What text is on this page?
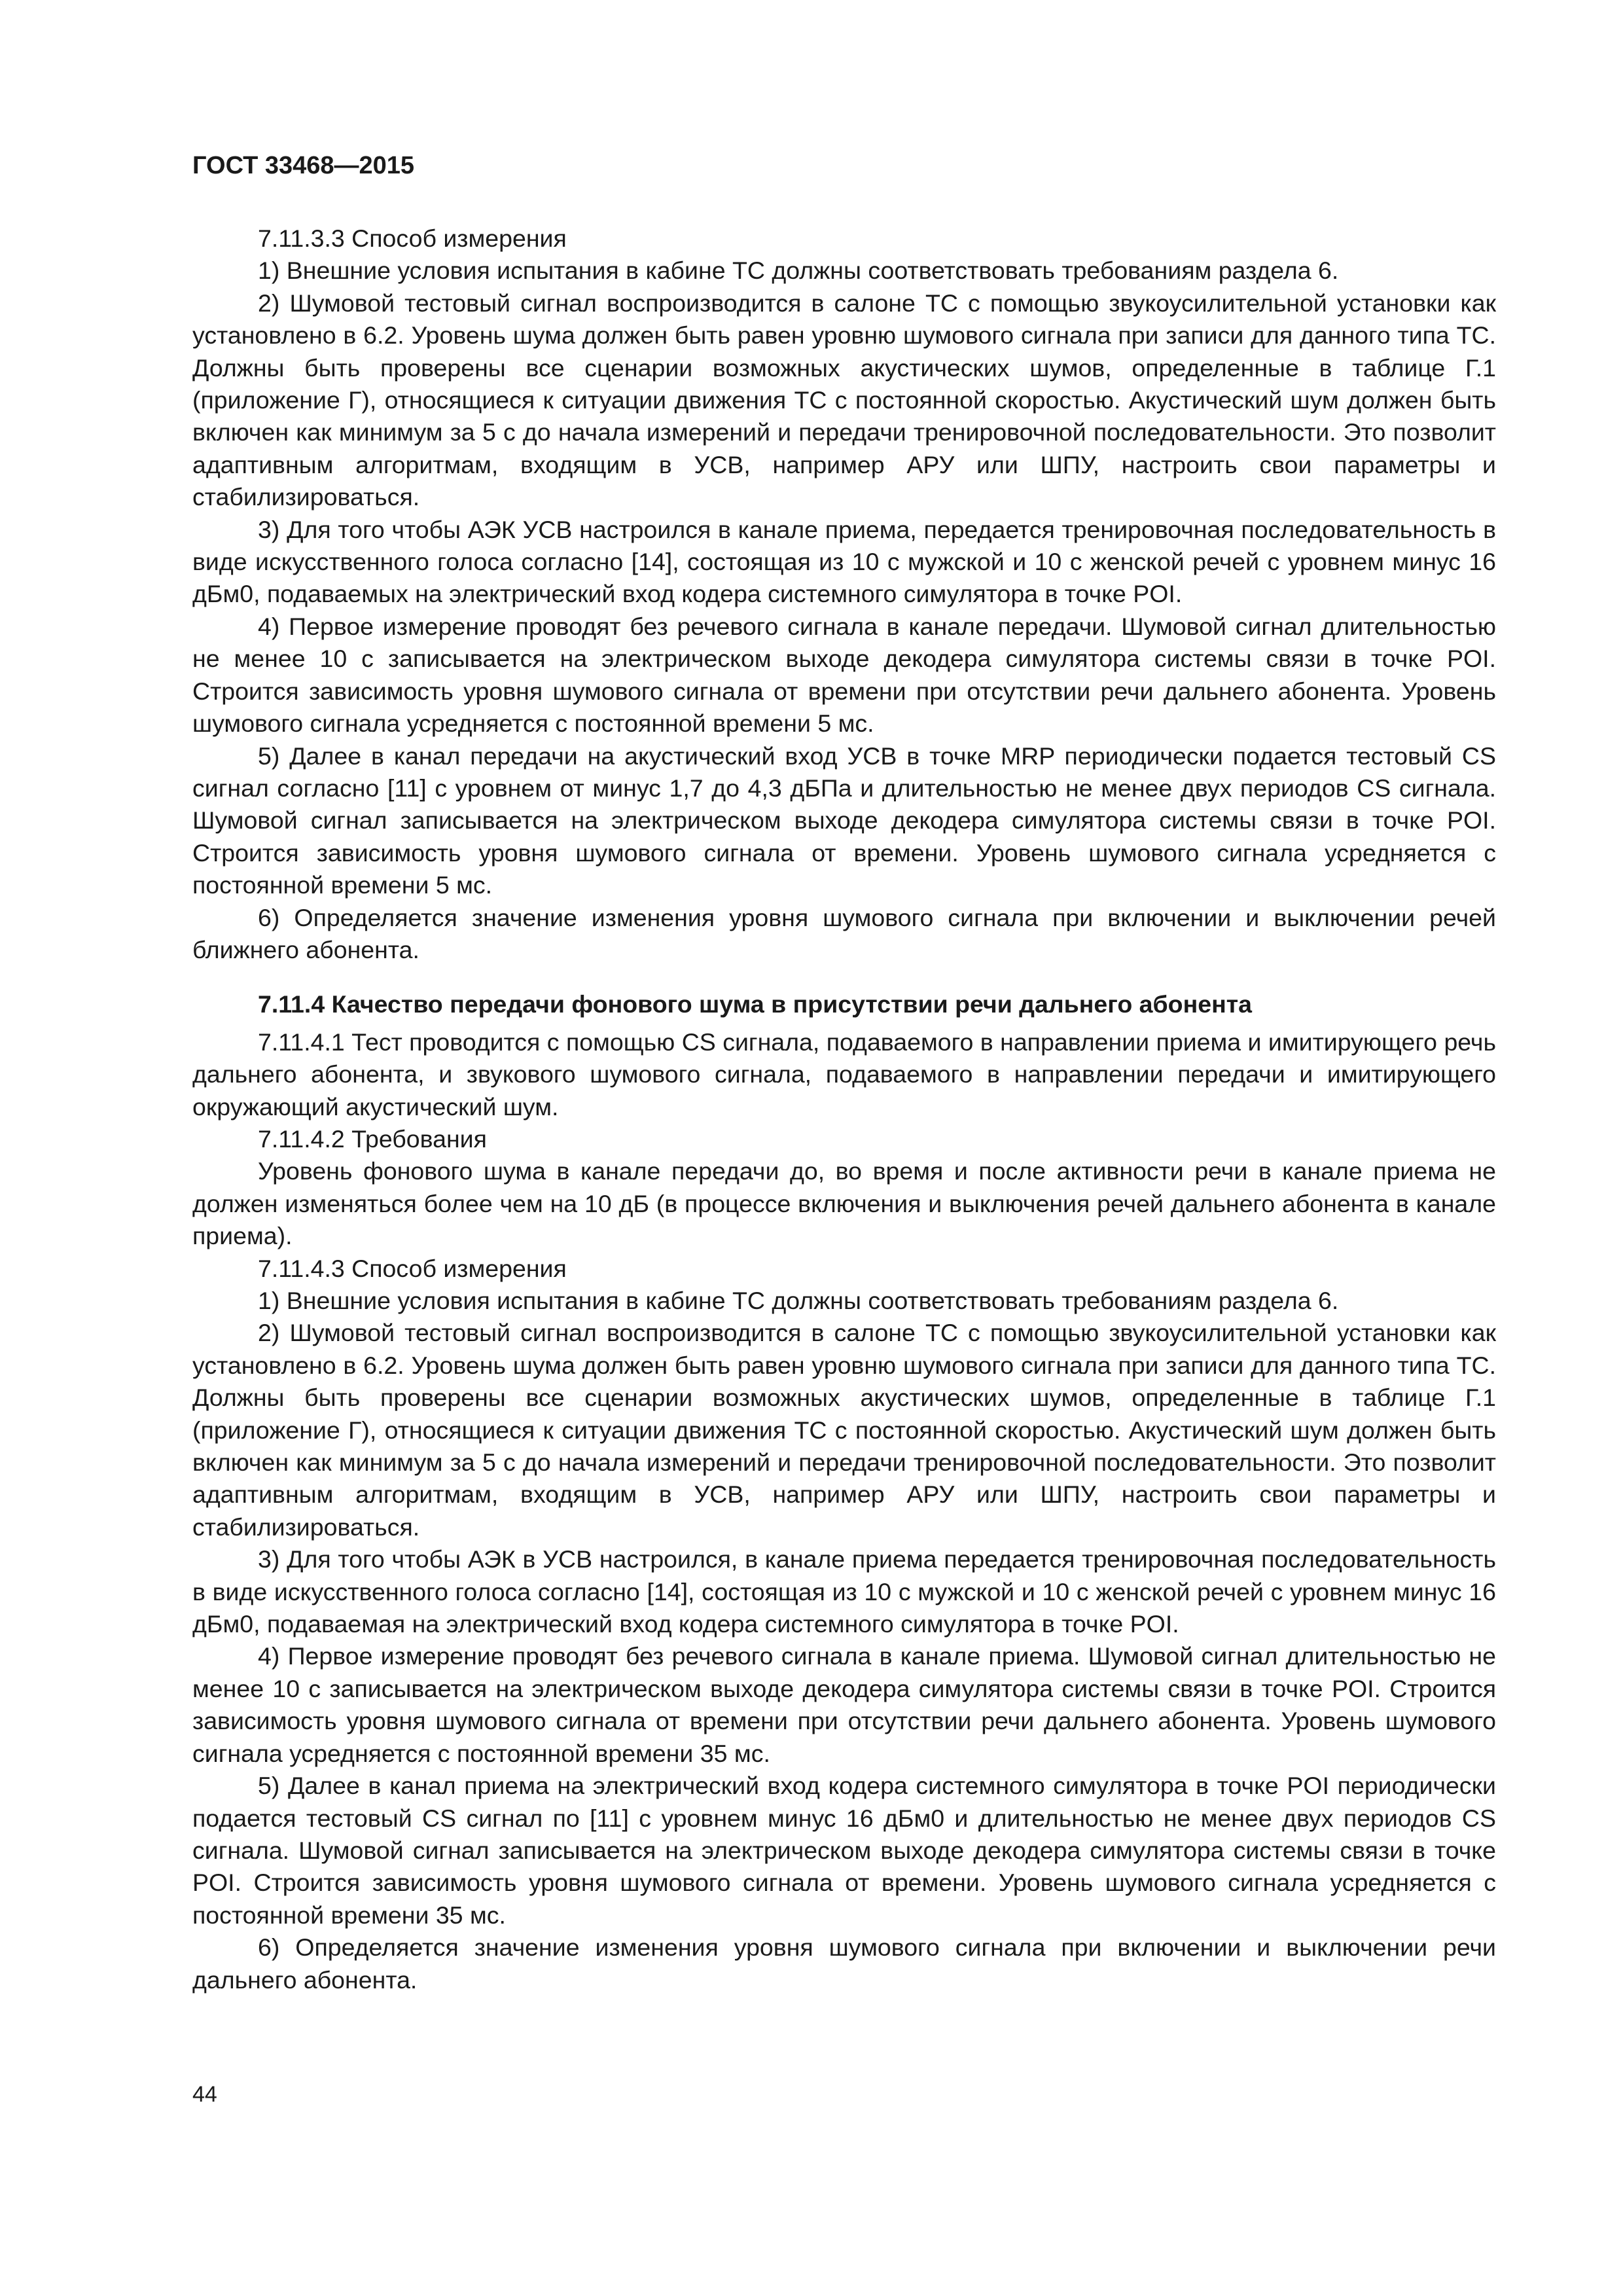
ГОСТ 33468—2015

7.11.3.3 Способ измерения

1) Внешние условия испытания в кабине ТС должны соответствовать требованиям раздела 6.

2) Шумовой тестовый сигнал воспроизводится в салоне ТС с помощью звукоусилительной установки как установлено в 6.2. Уровень шума должен быть равен уровню шумового сигнала при записи для данного типа ТС. Должны быть проверены все сценарии возможных акустических шумов, определенные в таблице Г.1 (приложение Г), относящиеся к ситуации движения ТС с постоянной скоростью. Акустический шум должен быть включен как минимум за 5 с до начала измерений и передачи тренировочной последовательности. Это позволит адаптивным алгоритмам, входящим в УСВ, например АРУ или ШПУ, настроить свои параметры и стабилизироваться.

3) Для того чтобы АЭК УСВ настроился в канале приема, передается тренировочная последовательность в виде искусственного голоса согласно [14], состоящая из 10 с мужской и 10 с женской речей с уровнем минус 16 дБм0, подаваемых на электрический вход кодера системного симулятора в точке POI.

4) Первое измерение проводят без речевого сигнала в канале передачи. Шумовой сигнал длительностью не менее 10 с записывается на электрическом выходе декодера симулятора системы связи в точке POI. Строится зависимость уровня шумового сигнала от времени при отсутствии речи дальнего абонента. Уровень шумового сигнала усредняется с постоянной времени 5 мс.

5) Далее в канал передачи на акустический вход УСВ в точке MRP периодически подается тестовый CS сигнал согласно [11] с уровнем от минус 1,7 до 4,3 дБПа и длительностью не менее двух периодов CS сигнала. Шумовой сигнал записывается на электрическом выходе декодера симулятора системы связи в точке POI. Строится зависимость уровня шумового сигнала от времени. Уровень шумового сигнала усредняется с постоянной времени 5 мс.

6) Определяется значение изменения уровня шумового сигнала при включении и выключении речей ближнего абонента.

7.11.4 Качество передачи фонового шума в присутствии речи дальнего абонента

7.11.4.1 Тест проводится с помощью CS сигнала, подаваемого в направлении приема и имитирующего речь дальнего абонента, и звукового шумового сигнала, подаваемого в направлении передачи и имитирующего окружающий акустический шум.

7.11.4.2 Требования

Уровень фонового шума в канале передачи до, во время и после активности речи в канале приема не должен изменяться более чем на 10 дБ (в процессе включения и выключения речей дальнего абонента в канале приема).

7.11.4.3 Способ измерения

1) Внешние условия испытания в кабине ТС должны соответствовать требованиям раздела 6.

2) Шумовой тестовый сигнал воспроизводится в салоне ТС с помощью звукоусилительной установки как установлено в 6.2. Уровень шума должен быть равен уровню шумового сигнала при записи для данного типа ТС. Должны быть проверены все сценарии возможных акустических шумов, определенные в таблице Г.1 (приложение Г), относящиеся к ситуации движения ТС с постоянной скоростью. Акустический шум должен быть включен как минимум за 5 с до начала измерений и передачи тренировочной последовательности. Это позволит адаптивным алгоритмам, входящим в УСВ, например АРУ или ШПУ, настроить свои параметры и стабилизироваться.

3) Для того чтобы АЭК в УСВ настроился, в канале приема передается тренировочная последовательность в виде искусственного голоса согласно [14], состоящая из 10 с мужской и 10 с женской речей с уровнем минус 16 дБм0, подаваемая на электрический вход кодера системного симулятора в точке POI.

4) Первое измерение проводят без речевого сигнала в канале приема. Шумовой сигнал длительностью не менее 10 с записывается на электрическом выходе декодера симулятора системы связи в точке POI. Строится зависимость уровня шумового сигнала от времени при отсутствии речи дальнего абонента. Уровень шумового сигнала усредняется с постоянной времени 35 мс.

5) Далее в канал приема на электрический вход кодера системного симулятора в точке POI периодически подается тестовый CS сигнал по [11] с уровнем минус 16 дБм0 и длительностью не менее двух периодов CS сигнала. Шумовой сигнал записывается на электрическом выходе декодера симулятора системы связи в точке POI. Строится зависимость уровня шумового сигнала от времени. Уровень шумового сигнала усредняется с постоянной времени 35 мс.

6) Определяется значение изменения уровня шумового сигнала при включении и выключении речи дальнего абонента.

44
